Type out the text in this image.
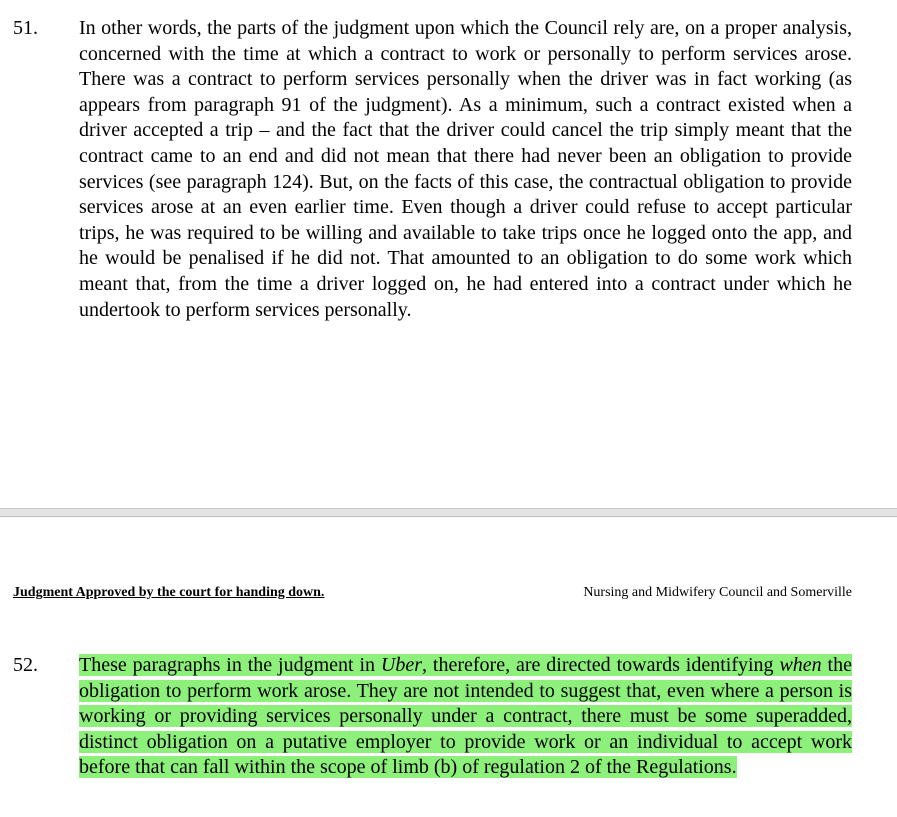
51. In other words, the parts of the judgment upon which the Council rely are, on a proper analysis, concerned with the time at which a contract to work or personally to perform services arose. There was a contract to perform services personally when the driver was in fact working (as appears from paragraph 91 of the judgment). As a minimum, such a contract existed when a driver accepted a trip – and the fact that the driver could cancel the trip simply meant that the contract came to an end and did not mean that there had never been an obligation to provide services (see paragraph 124). But, on the facts of this case, the contractual obligation to provide services arose at an even earlier time. Even though a driver could refuse to accept particular trips, he was required to be willing and available to take trips once he logged onto the app, and he would be penalised if he did not. That amounted to an obligation to do some work which meant that, from the time a driver logged on, he had entered into a contract under which he undertook to perform services personally.
Judgment Approved by the court for handing down.	Nursing and Midwifery Council and Somerville
52. These paragraphs in the judgment in Uber, therefore, are directed towards identifying when the obligation to perform work arose. They are not intended to suggest that, even where a person is working or providing services personally under a contract, there must be some superadded, distinct obligation on a putative employer to provide work or an individual to accept work before that can fall within the scope of limb (b) of regulation 2 of the Regulations.
